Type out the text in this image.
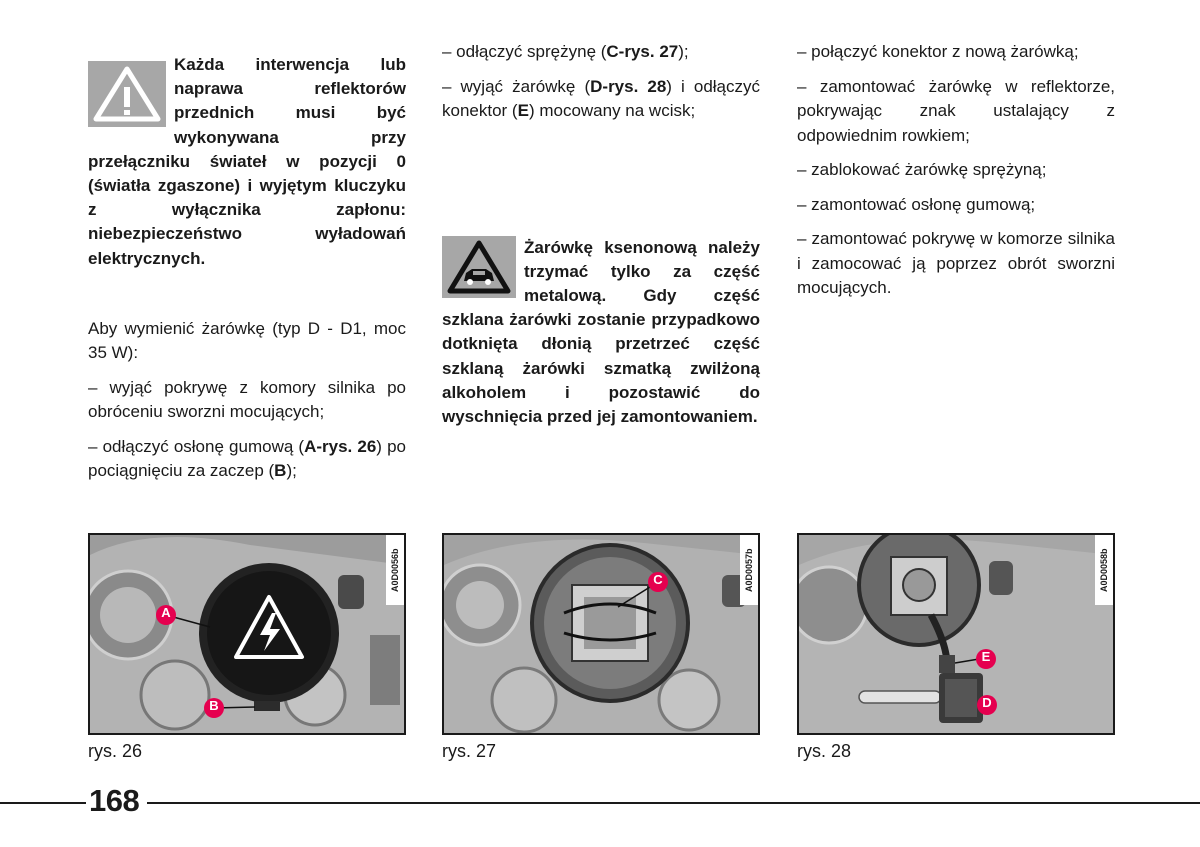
Każda interwencja lub naprawa reflektorów przednich musi być wykonywana przy przełączniku świateł w pozycji 0 (światła zgaszone) i wyjętym kluczyku z wyłącznika zapłonu: niebezpieczeństwo wyładowań elektrycznych.

Aby wymienić żarówkę (typ D - D1, moc 35 W):

– wyjąć pokrywę z komory silnika po obróceniu sworzni mocujących;

– odłączyć osłonę gumową (A-rys. 26) po pociągnięciu za zaczep (B);

– odłączyć sprężynę (C-rys. 27);

– wyjąć żarówkę (D-rys. 28) i odłączyć konektor (E) mocowany na wcisk;

Żarówkę ksenonową należy trzymać tylko za część metalową. Gdy część szklana żarówki zostanie przypadkowo dotknięta dłonią przetrzeć część szklaną żarówki szmatką zwilżoną alkoholem i pozostawić do wyschnięcia przed jej zamontowaniem.

– połączyć konektor z nową żarówką;

– zamontować żarówkę w reflektorze, pokrywając znak ustalający z odpowiednim rowkiem;

– zablokować żarówkę sprężyną;

– zamontować osłonę gumową;

– zamontować pokrywę w komorze silnika i zamocować ją poprzez obrót sworzni mocujących.

A
B
A0D0056b	C	A0D0057b
E
D
A0D0058b
rys. 26	rys. 27	rys. 28
168
